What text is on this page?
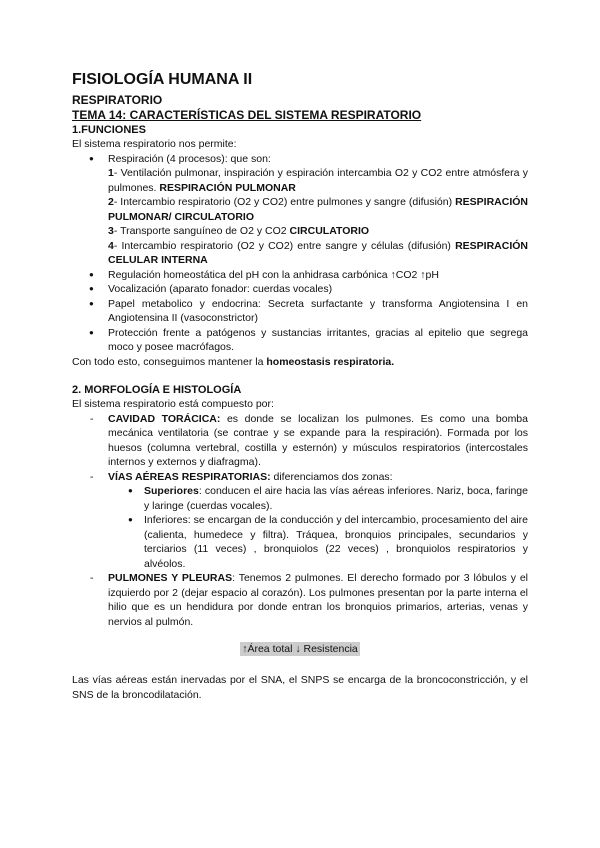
FISIOLOGÍA HUMANA II
RESPIRATORIO
TEMA 14: CARACTERÍSTICAS DEL SISTEMA RESPIRATORIO
1.FUNCIONES

El sistema respiratorio nos permite:

● Respiración (4 procesos): que son:

1- Ventilación pulmonar, inspiración y espiración intercambia O2 y CO2 entre atmósfera y pulmones. RESPIRACIÓN PULMONAR

2- Intercambio respiratorio (O2 y CO2) entre pulmones y sangre (difusión) RESPIRACIÓN PULMONAR/ CIRCULATORIO

3- Transporte sanguíneo de O2 y CO2 CIRCULATORIO

4- Intercambio respiratorio (O2 y CO2) entre sangre y células (difusión) RESPIRACIÓN CELULAR INTERNA

● Regulación homeostática del pH con la anhidrasa carbónica ↑CO2 ↑pH
● Vocalización (aparato fonador: cuerdas vocales)
● Papel metabolico y endocrina: Secreta surfactante y transforma Angiotensina I en Angiotensina II (vasoconstrictor)
● Protección frente a patógenos y sustancias irritantes, gracias al epitelio que segrega moco y posee macrófagos.

Con todo esto, conseguimos mantener la homeostasis respiratoria.

2. MORFOLOGÍA E HISTOLOGÍA

El sistema respiratorio está compuesto por:

- CAVIDAD TORÁCICA: es donde se localizan los pulmones. Es como una bomba mecánica ventilatoria (se contrae y se expande para la respiración). Formada por los huesos (columna vertebral, costilla y esternón) y músculos respiratorios (intercostales internos y externos y diafragma).
- VÍAS AÉREAS RESPIRATORIAS: diferenciamos dos zonas:
● Superiores: conducen el aire hacia las vías aéreas inferiores. Nariz, boca, faringe y laringe (cuerdas vocales).
● Inferiores: se encargan de la conducción y del intercambio, procesamiento del aire (calienta, humedece y filtra). Tráquea, bronquios principales, secundarios y terciarios (11 veces) , bronquiolos (22 veces) , bronquiolos respiratorios y alvéolos.
- PULMONES Y PLEURAS: Tenemos 2 pulmones. El derecho formado por 3 lóbulos y el izquierdo por 2 (dejar espacio al corazón). Los pulmones presentan por la parte interna el hilio que es un hendidura por donde entran los bronquios primarios, arterias, venas y nervios al pulmón.
↑Área total ↓ Resistencia

Las vías aéreas están inervadas por el SNA, el SNPS se encarga de la broncoconstricción, y el SNS de la broncodilatación.
